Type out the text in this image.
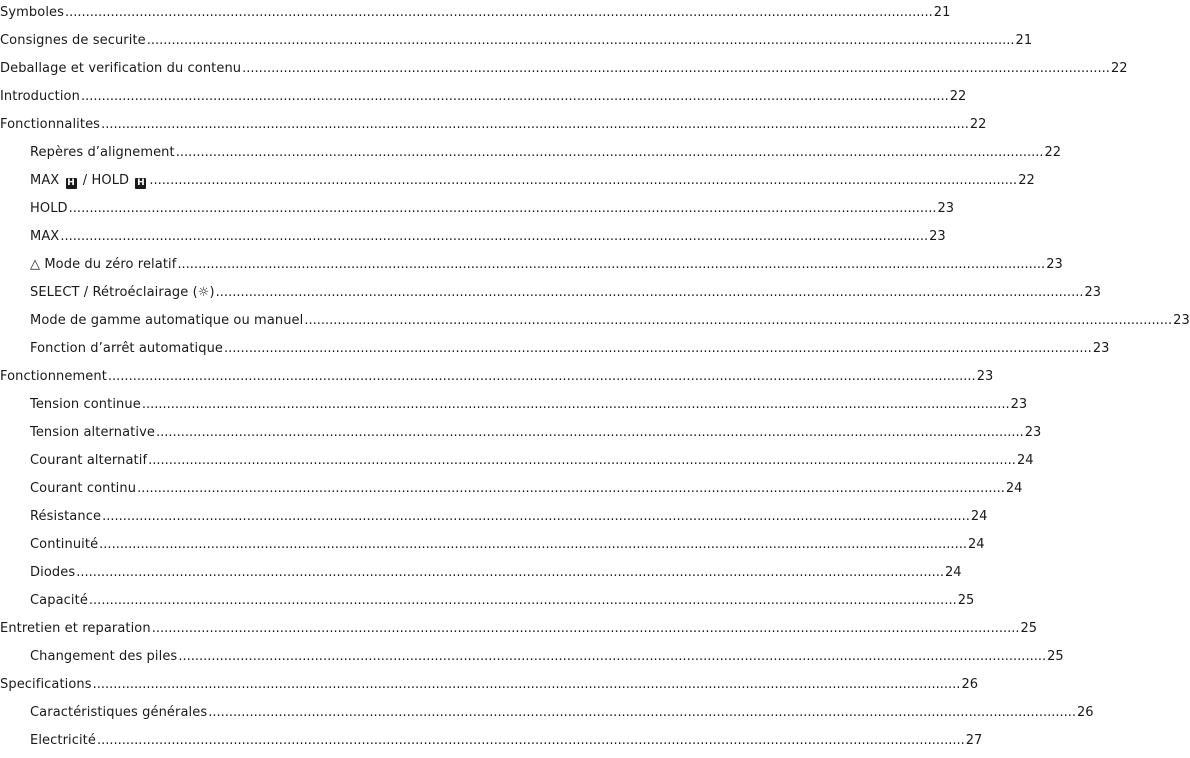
Symboles .....	21
Consignes de securite .....	21
Deballage et verification du contenu .....	22
Introduction .....	22
Fonctionnalites .....	22
Repères d’alignement .....	22
MAX H / HOLD H .....	22
HOLD .....	23
MAX .....	23
△ Mode du zéro relatif .....	23
SELECT / Rétroéclairage (☼) .....	23
Mode de gamme automatique ou manuel .....	23
Fonction d’arrêt automatique .....	23
Fonctionnement .....	23
Tension continue .....	23
Tension alternative .....	23
Courant alternatif .....	24
Courant continu .....	24
Résistance .....	24
Continuité .....	24
Diodes .....	24
Capacité .....	25
Entretien et reparation .....	25
Changement des piles .....	25
Specifications .....	26
Caractéristiques générales .....	26
Electricité .....	27
